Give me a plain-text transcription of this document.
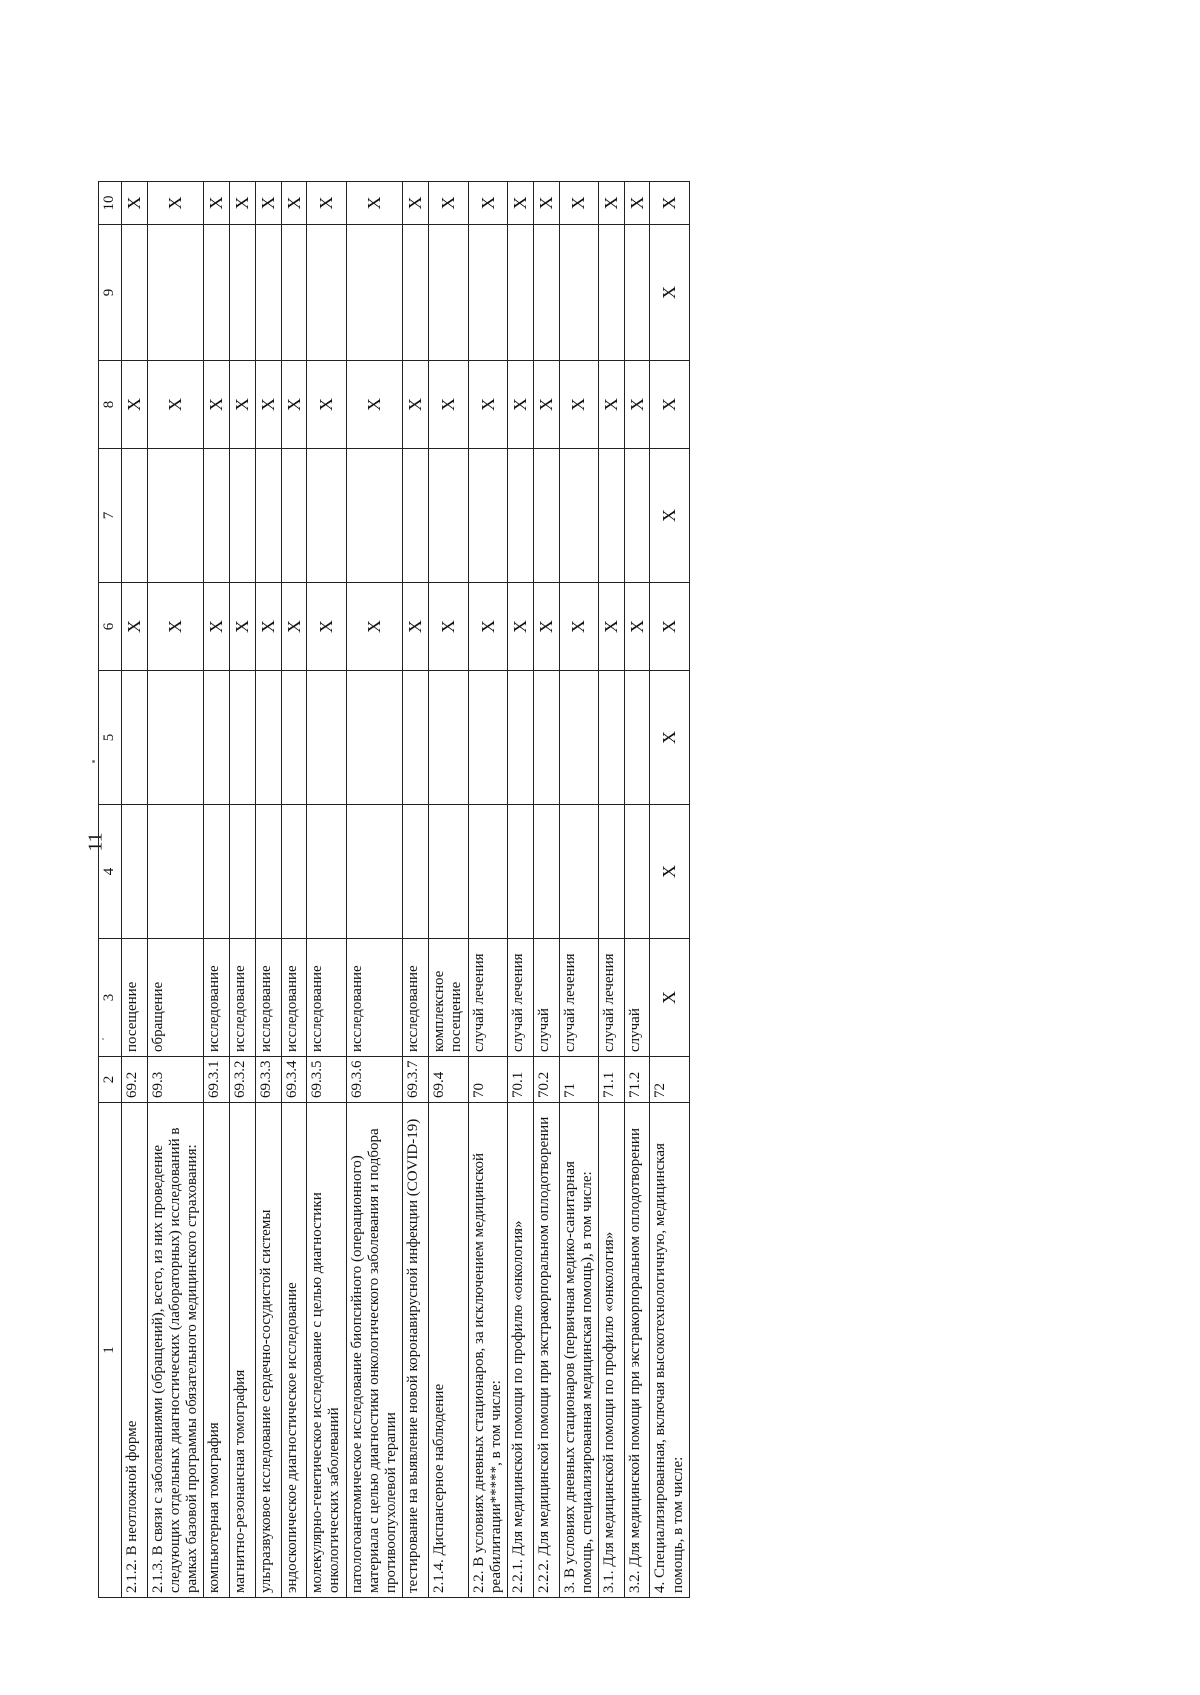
11
1	2	3	4	5	6	7	8	9	10
2.1.2. В неотложной форме	69.2	посещение			X		X		X
2.1.3. В связи с заболеваниями (обращений), всего, из них проведение следующих отдельных диагностических (лабораторных) исследований в рамках базовой программы обязательного медицинского страхования:	69.3	обращение			X		X		X
компьютерная томография	69.3.1	исследование			X		X		X
магнитно-резонансная томография	69.3.2	исследование			X		X		X
ультразвуковое исследование сердечно-сосудистой системы	69.3.3	исследование			X		X		X
эндоскопическое диагностическое исследование	69.3.4	исследование			X		X		X
молекулярно-генетическое исследование с целью диагностики онкологических заболеваний	69.3.5	исследование			X		X		X
патологоанатомическое исследование биопсийного (операционного) материала с целью диагностики онкологического заболевания и подбора противоопухолевой терапии	69.3.6	исследование			X		X		X
тестирование на выявление новой коронавирусной инфекции (COVID-19)	69.3.7	исследование			X		X		X
2.1.4. Диспансерное наблюдение	69.4	комплексное посещение			X		X		X
2.2. В условиях дневных стационаров, за исключением медицинской реабилитации*****, в том числе:	70	случай лечения			X		X		X
2.2.1. Для медицинской помощи по профилю «онкология»	70.1	случай лечения			X		X		X
2.2.2. Для медицинской помощи при экстракорпоральном оплодотворении	70.2	случай			X		X		X
3. В условиях дневных стационаров (первичная медико-санитарная помощь, специализированная медицинская помощь), в том числе:	71	случай лечения			X		X		X
3.1. Для медицинской помощи по профилю «онкология»	71.1	случай лечения			X		X		X
3.2. Для медицинской помощи при экстракорпоральном оплодотворении	71.2	случай			X		X		X
4. Специализированная, включая высокотехнологичную, медицинская помощь, в том числе:	72	X	X	X	X	X	X	X	X
